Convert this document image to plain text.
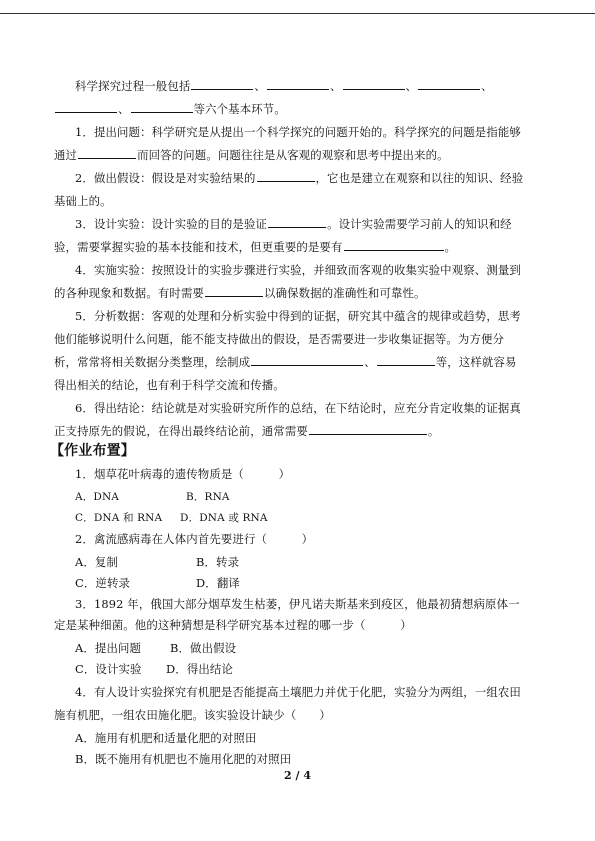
科学探究过程一般包括	、	、	、	、
、	等六个基本环节。
1．提出问题：科学研究是从提出一个科学探究的问题开始的。科学探究的问题是指能够
通过	而回答的问题。问题往往是从客观的观察和思考中提出来的。
2．做出假设：假设是对实验结果的	，它也是建立在观察和以往的知识、经验
基础上的。
3．设计实验：设计实验的目的是验证	。设计实验需要学习前人的知识和经
验，需要掌握实验的基本技能和技术，但更重要的是要有	。
4．实施实验：按照设计的实验步骤进行实验，并细致而客观的收集实验中观察、测量到
的各种现象和数据。有时需要	以确保数据的准确性和可靠性。
5．分析数据：客观的处理和分析实验中得到的证据，研究其中蕴含的规律或趋势，思考
他们能够说明什么问题，能不能支持做出的假设，是否需要进一步收集证据等。为方便分
析，常常将相关数据分类整理，绘制成	、	等，这样就容易
得出相关的结论，也有利于科学交流和传播。
6．得出结论：结论就是对实验研究所作的总结，在下结论时，应充分肯定收集的证据真
正支持原先的假说，在得出最终结论前，通常需要	。
【作业布置】
1．烟草花叶病毒的遗传物质是（　　　）
A．DNA	B．RNA
C．DNA 和 RNA D．DNA 或 RNA
2．禽流感病毒在人体内首先要进行（　　　）
A．复制	B．转录
C．逆转录	D．翻译
3．1892 年，俄国大部分烟草发生枯萎，伊凡诺夫斯基来到疫区，他最初猜想病原体一
定是某种细菌。他的这种猜想是科学研究基本过程的哪一步（　　　）
A．提出问题	B．做出假设
C．设计实验 D．得出结论
4．有人设计实验探究有机肥是否能提高土壤肥力并优于化肥，实验分为两组，一组农田
施有机肥，一组农田施化肥。该实验设计缺少（　　）
A．施用有机肥和适量化肥的对照田
B．既不施用有机肥也不施用化肥的对照田
2 / 4
